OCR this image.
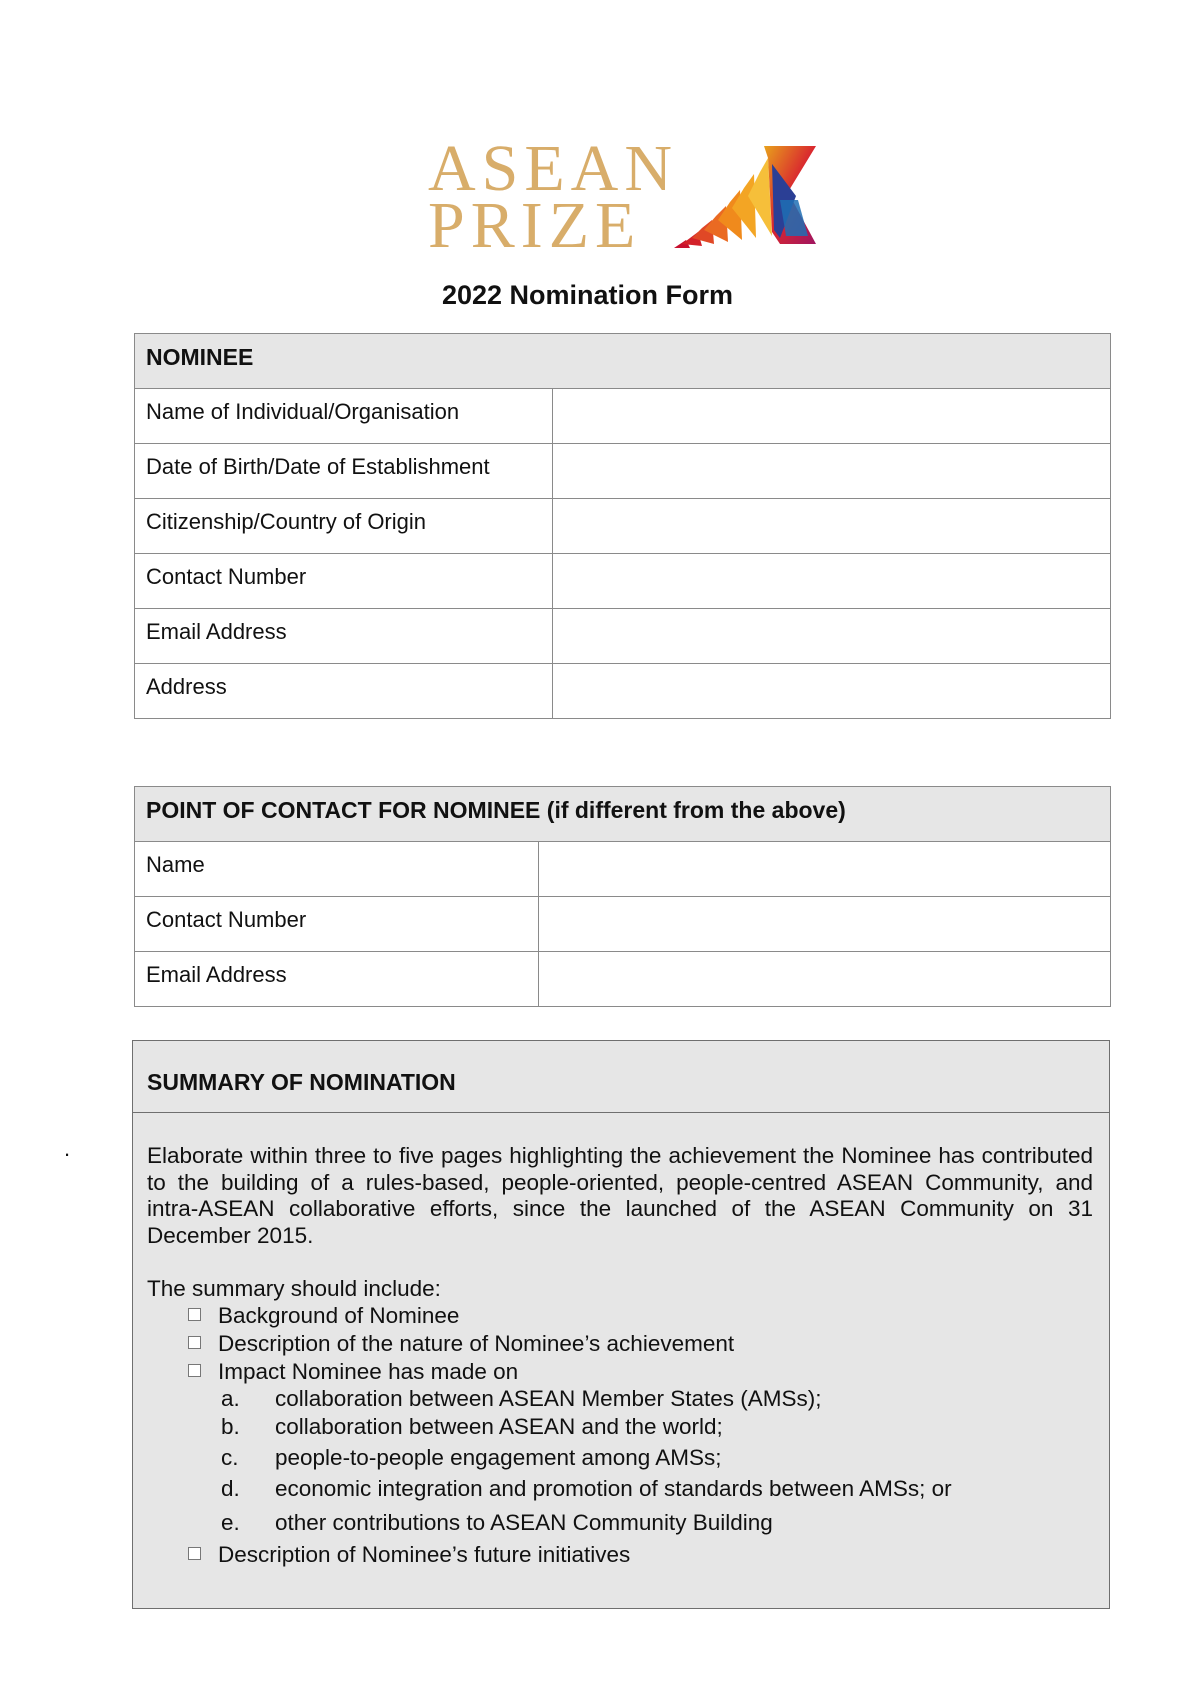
ASEAN
PRIZE
2022 Nomination Form
NOMINEE	
Name of Individual/Organisation	
Date of Birth/Date of Establishment	
Citizenship/Country of Origin	
Contact Number	
Email Address	
Address	
POINT OF CONTACT FOR NOMINEE (if different from the above)	
Name	
Contact Number	
Email Address	
.
SUMMARY OF NOMINATION
Elaborate within three to five pages highlighting the achievement the Nominee has contributed to the building of a rules-based, people-oriented, people-centred ASEAN Community, and intra-ASEAN collaborative efforts, since the launched of the ASEAN Community on 31 December 2015.
The summary should include:
Background of Nominee
Description of the nature of Nominee’s achievement
Impact Nominee has made on
a. collaboration between ASEAN Member States (AMSs);
b. collaboration between ASEAN and the world;
c. people-to-people engagement among AMSs;
d. economic integration and promotion of standards between AMSs; or
e. other contributions to ASEAN Community Building
Description of Nominee’s future initiatives
